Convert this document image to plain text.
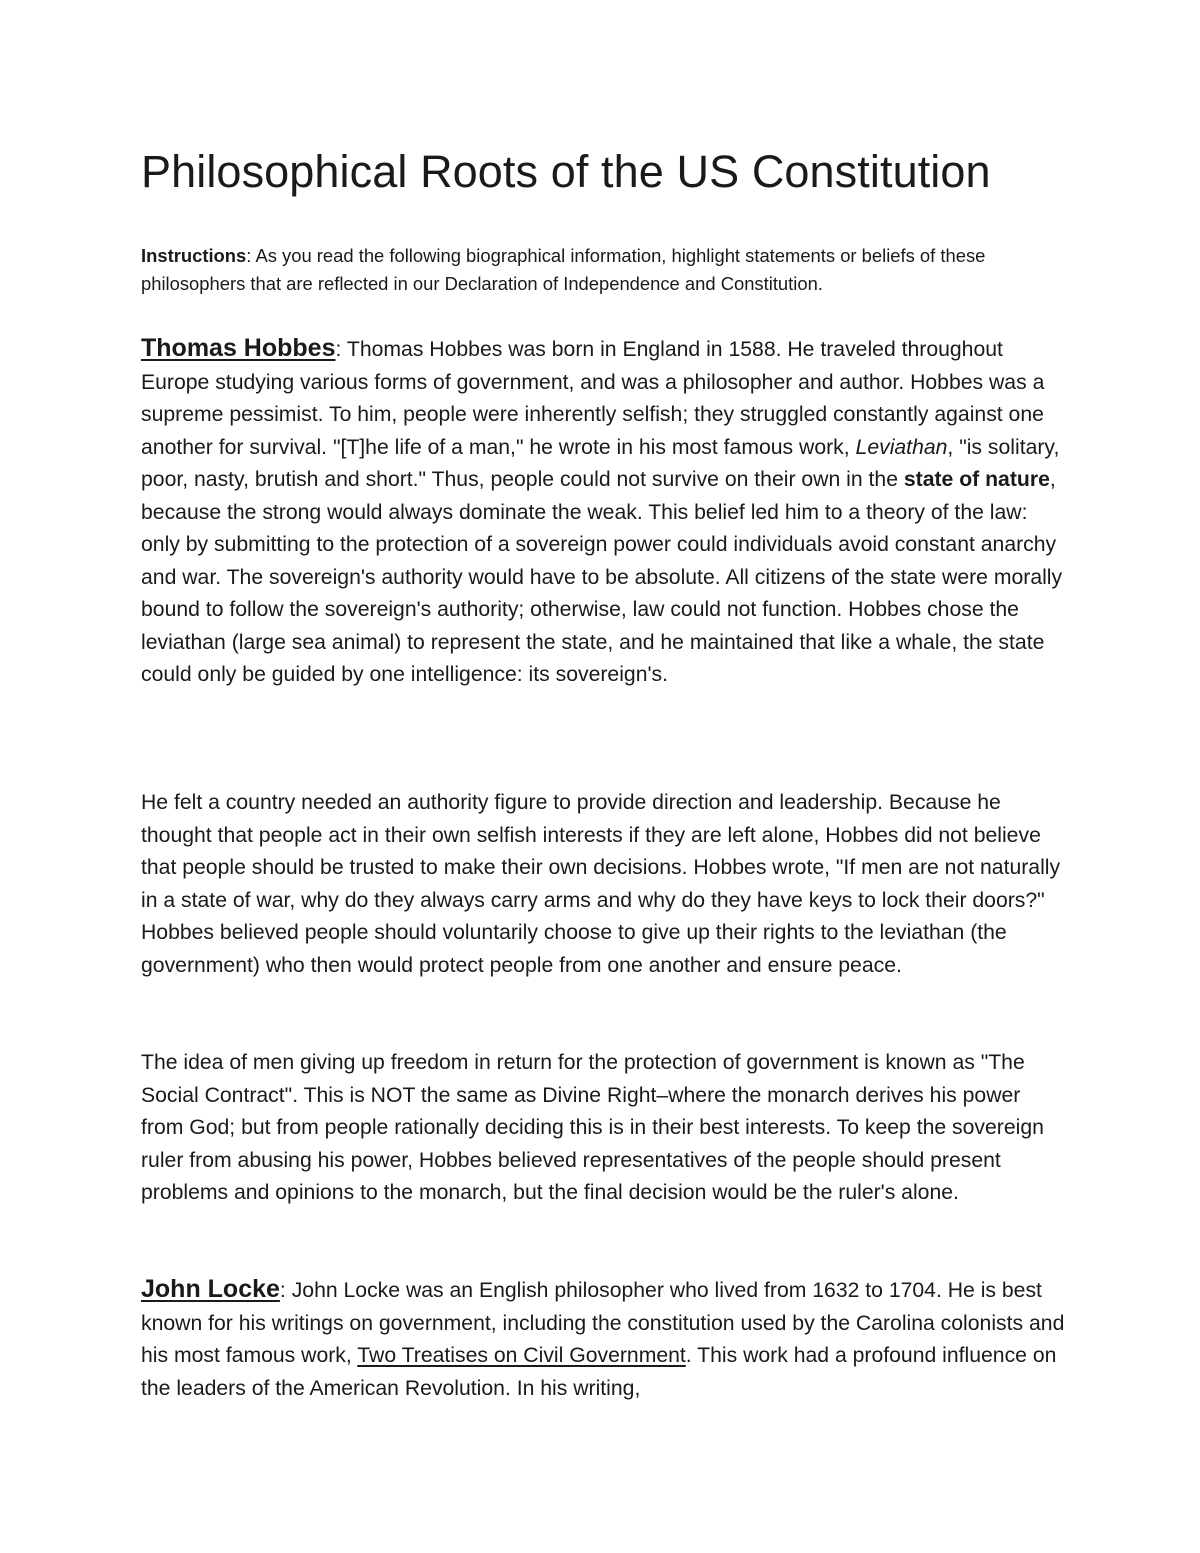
Philosophical Roots of the US Constitution

Instructions: As you read the following biographical information, highlight statements or beliefs of these philosophers that are reflected in our Declaration of Independence and Constitution.

Thomas Hobbes: Thomas Hobbes was born in England in 1588. He traveled throughout Europe studying various forms of government, and was a philosopher and author. Hobbes was a supreme pessimist. To him, people were inherently selfish; they struggled constantly against one another for survival. "[T]he life of a man," he wrote in his most famous work, Leviathan, "is solitary, poor, nasty, brutish and short." Thus, people could not survive on their own in the state of nature, because the strong would always dominate the weak. This belief led him to a theory of the law: only by submitting to the protection of a sovereign power could individuals avoid constant anarchy and war. The sovereign's authority would have to be absolute. All citizens of the state were morally bound to follow the sovereign's authority; otherwise, law could not function. Hobbes chose the leviathan (large sea animal) to represent the state, and he maintained that like a whale, the state could only be guided by one intelligence: its sovereign's.

He felt a country needed an authority figure to provide direction and leadership. Because he thought that people act in their own selfish interests if they are left alone, Hobbes did not believe that people should be trusted to make their own decisions. Hobbes wrote, "If men are not naturally in a state of war, why do they always carry arms and why do they have keys to lock their doors?" Hobbes believed people should voluntarily choose to give up their rights to the leviathan (the government) who then would protect people from one another and ensure peace.

The idea of men giving up freedom in return for the protection of government is known as "The Social Contract". This is NOT the same as Divine Right–where the monarch derives his power from God; but from people rationally deciding this is in their best interests. To keep the sovereign ruler from abusing his power, Hobbes believed representatives of the people should present problems and opinions to the monarch, but the final decision would be the ruler's alone.

John Locke: John Locke was an English philosopher who lived from 1632 to 1704. He is best known for his writings on government, including the constitution used by the Carolina colonists and his most famous work, Two Treatises on Civil Government. This work had a profound influence on the leaders of the American Revolution. In his writing,
